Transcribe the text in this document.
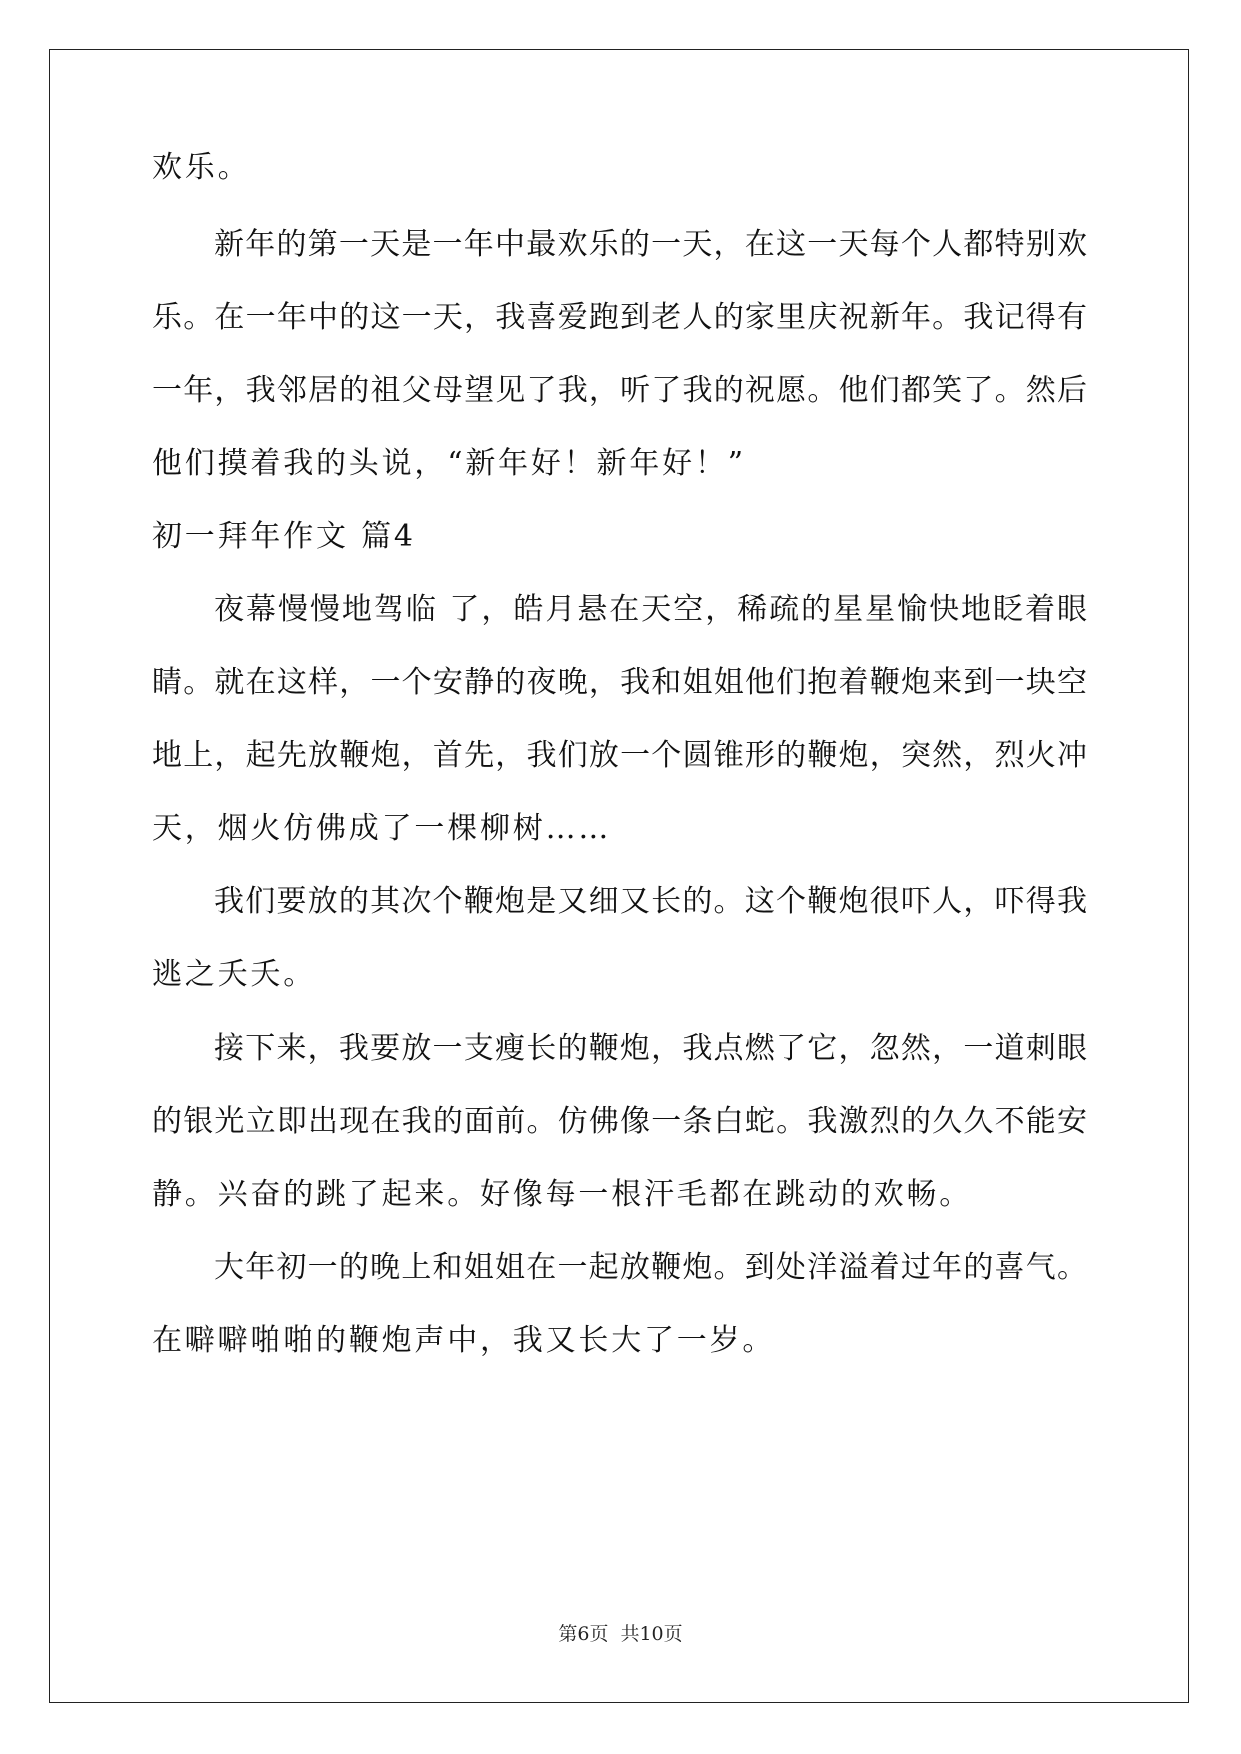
欢乐。
新年的第一天是一年中最欢乐的一天，在这一天每个人都特别欢
乐。在一年中的这一天，我喜爱跑到老人的家里庆祝新年。我记得有
一年，我邻居的祖父母望见了我，听了我的祝愿。他们都笑了。然后
他们摸着我的头说，“新年好！新年好！”
初一拜年作文 篇4
夜幕慢慢地驾临 了，皓月悬在天空，稀疏的星星愉快地眨着眼
睛。就在这样，一个安静的夜晚，我和姐姐他们抱着鞭炮来到一块空
地上，起先放鞭炮，首先，我们放一个圆锥形的鞭炮，突然，烈火冲
天，烟火仿佛成了一棵柳树……
我们要放的其次个鞭炮是又细又长的。这个鞭炮很吓人，吓得我
逃之夭夭。
接下来，我要放一支瘦长的鞭炮，我点燃了它，忽然，一道刺眼
的银光立即出现在我的面前。仿佛像一条白蛇。我激烈的久久不能安
静。兴奋的跳了起来。好像每一根汗毛都在跳动的欢畅。
大年初一的晚上和姐姐在一起放鞭炮。到处洋溢着过年的喜气。
在噼噼啪啪的鞭炮声中，我又长大了一岁。
第6页 共10页
